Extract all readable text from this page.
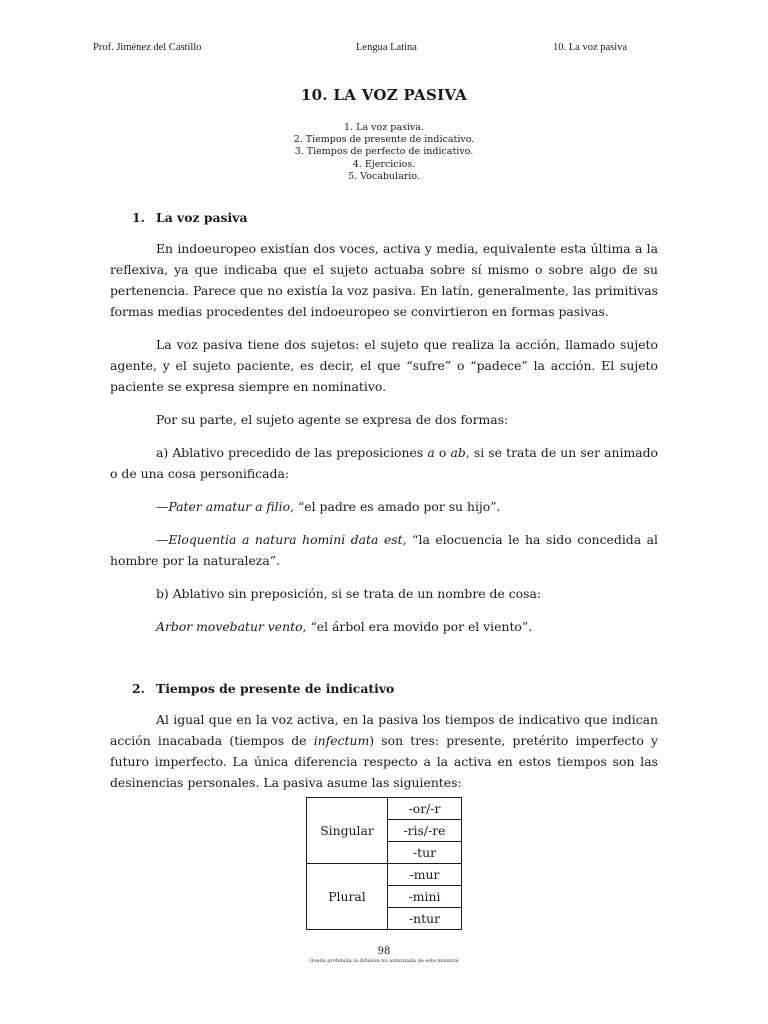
Prof. Jiménez del Castillo	Lengua Latina	10. La voz pasiva
10. LA VOZ PASIVA
1. La voz pasiva.
2. Tiempos de presente de indicativo.
3. Tiempos de perfecto de indicativo.
4. Ejercicios.
5. Vocabulario.

1. La voz pasiva

En indoeuropeo existían dos voces, activa y media, equivalente esta última a la reflexiva, ya que indicaba que el sujeto actuaba sobre sí mismo o sobre algo de su pertenencia. Parece que no existía la voz pasiva. En latín, generalmente, las primitivas formas medias procedentes del indoeuropeo se convirtieron en formas pasivas.

La voz pasiva tiene dos sujetos: el sujeto que realiza la acción, llamado sujeto agente, y el sujeto paciente, es decir, el que “sufre” o “padece” la acción. El sujeto paciente se expresa siempre en nominativo.

Por su parte, el sujeto agente se expresa de dos formas:

a) Ablativo precedido de las preposiciones a o ab, si se trata de un ser animado o de una cosa personificada:

—Pater amatur a filio, “el padre es amado por su hijo”.

—Eloquentia a natura homini data est, “la elocuencia le ha sido concedida al hombre por la naturaleza”.

b) Ablativo sin preposición, si se trata de un nombre de cosa:

Arbor movebatur vento, “el árbol era movido por el viento”.

2. Tiempos de presente de indicativo

Al igual que en la voz activa, en la pasiva los tiempos de indicativo que indican acción inacabada (tiempos de infectum) son tres: presente, pretérito imperfecto y futuro imperfecto. La única diferencia respecto a la activa en estos tiempos son las desinencias personales. La pasiva asume las siguientes:

Singular	-or/-r
	-ris/-re
	-tur
Plural	-mur
	-mini
	-ntur
98
Queda prohibida la difusión no autorizada de este material
